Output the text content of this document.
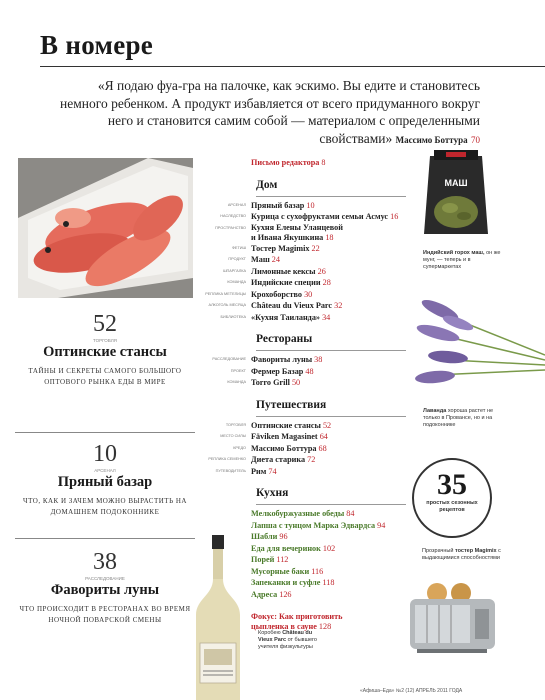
В номере
«Я подаю фуа-гра на палочке, как эскимо. Вы едите и становитесь немного ребенком. А продукт избавляется от всего придуманного вокруг него и становится самим собой — материалом с определенными свойствами» Массимо Боттура 70
52
ТОРГОВЛЯ
Оптинские стансы
ТАЙНЫ И СЕКРЕТЫ САМОГО БОЛЬШОГО ОПТОВОГО РЫНКА ЕДЫ В МИРЕ
10
АРСЕНАЛ
Пряный базар
ЧТО, КАК И ЗАЧЕМ МОЖНО ВЫРАСТИТЬ НА ДОМАШНЕМ ПОДОКОННИКЕ
38
РАССЛЕДОВАНИЕ
Фавориты луны
ЧТО ПРОИСХОДИТ В РЕСТОРАНАХ ВО ВРЕМЯ НОЧНОЙ ПОВАРСКОЙ СМЕНЫ
Письмо редактора 8
Дом
АРСЕНАЛ Пряный базар 10
НАСЛЕДСТВО Курица с сухофруктами семьи Асмус 16
ПРОСТРАНСТВО Кухня Елены Уланцевой
и Ивана Якушкина 18
ФЕТИШ Тостер Magimix 22
ПРОДУКТ Маш 24
ШПАРГАЛКА Лимонные кексы 26
КОМАНДА Индийские специи 28
РЕПЛИКА МЕТЕЛИЦЫ Крохоборство 30
АЛКОГОЛЬ МЕСЯЦА Château du Vieux Parc 32
БИБЛИОТЕКА «Кухня Таиланда» 34
Рестораны
РАССЛЕДОВАНИЕ Фавориты луны 38
ПРОЕКТ Фермер Базар 48
КОМАНДА Torro Grill 50
Путешествия
ТОРГОВЛЯ Оптинские стансы 52
МЕСТО СИЛЫ Fäviken Magasinet 64
КРЕДО Массимо Боттура 68
РЕПЛИКА СЕМЕНКО Диета старика 72
ПУТЕВОДИТЕЛЬ Рим 74
Кухня
Мелкобуржуазные обеды 84
Лапша с тунцом Марка Эдвардса 94
Шабли 96
Еда для вечеринок 102
Порей 112
Мусорные баки 116
Запеканки и суфле 118
Адреса 126
Фокус: Как приготовить
цыпленка в сауне 128
МАШ
Индийский горох маш, он же мунг, — теперь и в супермаркетах
Лаванда хороша растет не только в Провансе, но и на подоконнике
35
простых сезонных рецептов
Прозрачный тостер Magimix с выдающимися способностями
Коробею Château du Vieux Parc от бывшего учителя физкультуры
«Афиша–Еда» №2 (12) АПРЕЛЬ 2011 ГОДА
